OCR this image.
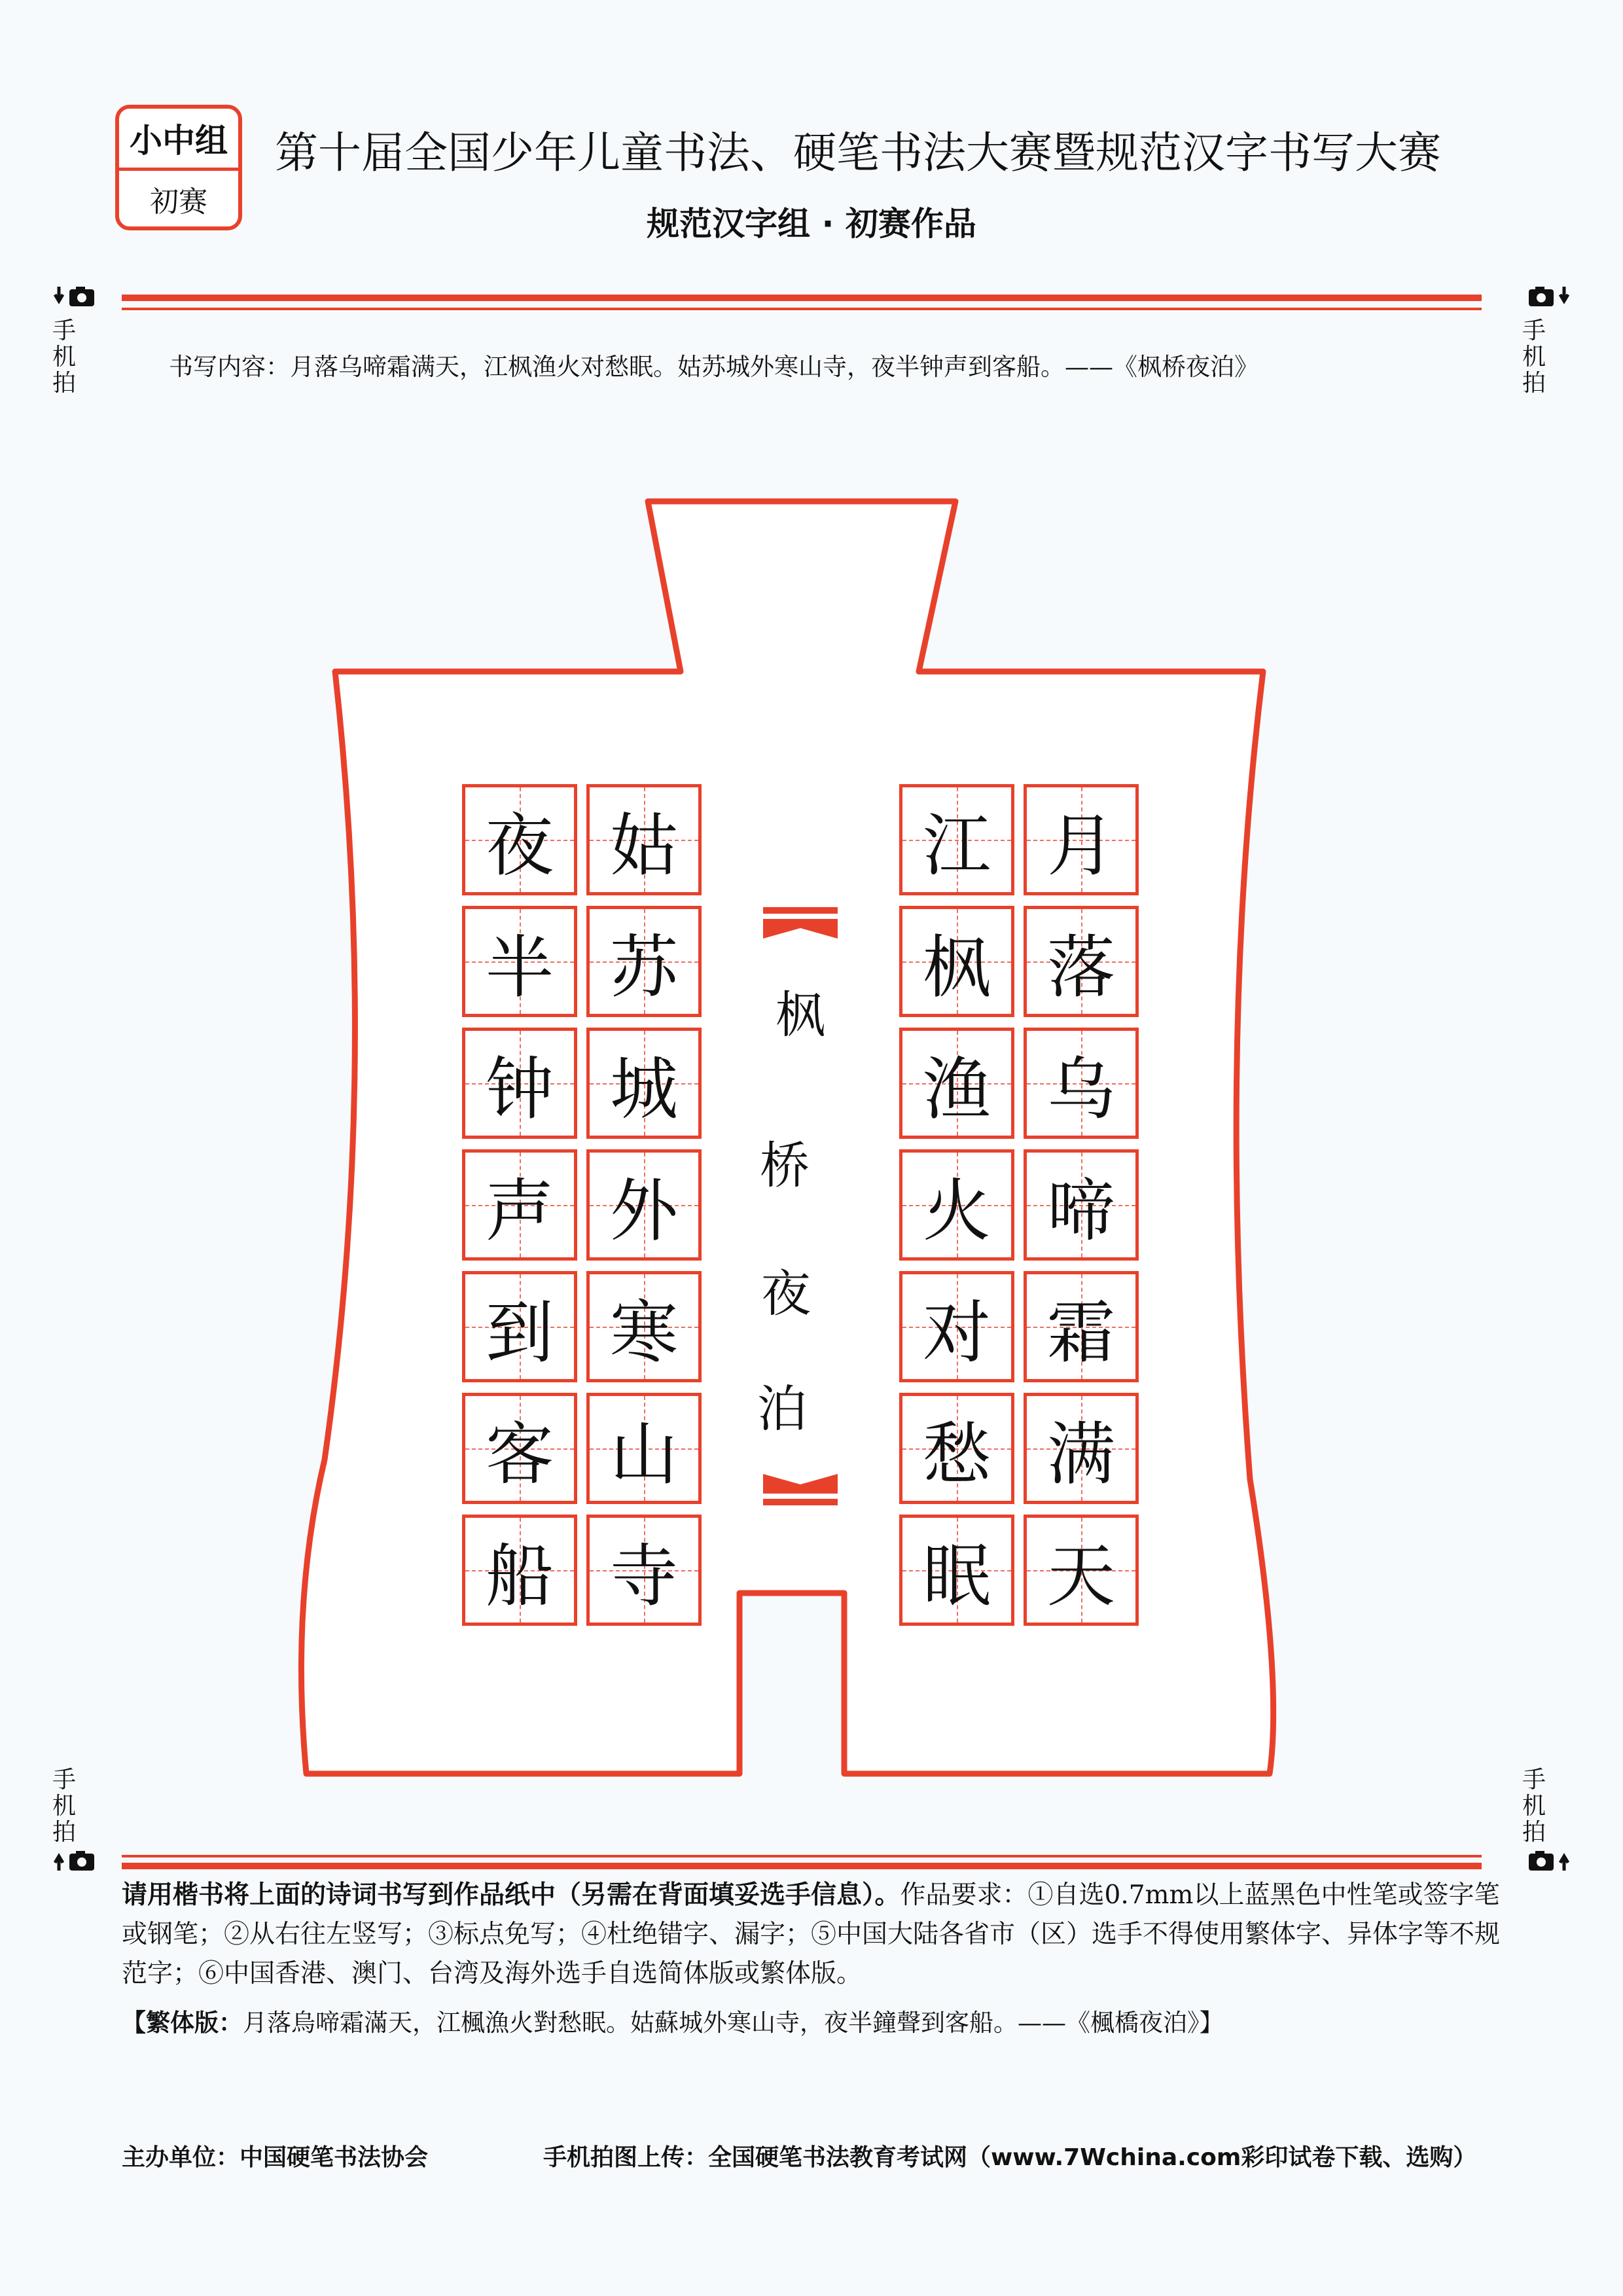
小中组
初赛
第十届全国少年儿童书法、硬笔书法大赛暨规范汉字书写大赛
规范汉字组 · 初赛作品
手
机
拍
手
机
拍
书写内容：月落乌啼霜满天，江枫渔火对愁眠。姑苏城外寒山寺，夜半钟声到客船。——《枫桥夜泊》
夜
半
钟
声
到
客
船
姑
苏
城
外
寒
山
寺
江
枫
渔
火
对
愁
眠
月
落
乌
啼
霜
满
天
枫
桥
夜
泊
手
机
拍
手
机
拍
请用楷书将上面的诗词书写到作品纸中（另需在背面填妥选手信息）。作品要求：①自选0.7mm以上蓝黑色中性笔或签字笔或钢笔；②从右往左竖写；③标点免写；④杜绝错字、漏字；⑤中国大陆各省市（区）选手不得使用繁体字、异体字等不规范字；⑥中国香港、澳门、台湾及海外选手自选简体版或繁体版。
【繁体版：月落烏啼霜滿天，江楓漁火對愁眠。姑蘇城外寒山寺，夜半鐘聲到客船。——《楓橋夜泊》】
主办单位：中国硬笔书法协会	手机拍图上传：全国硬笔书法教育考试网（www.7Wchina.com彩印试卷下载、选购）
